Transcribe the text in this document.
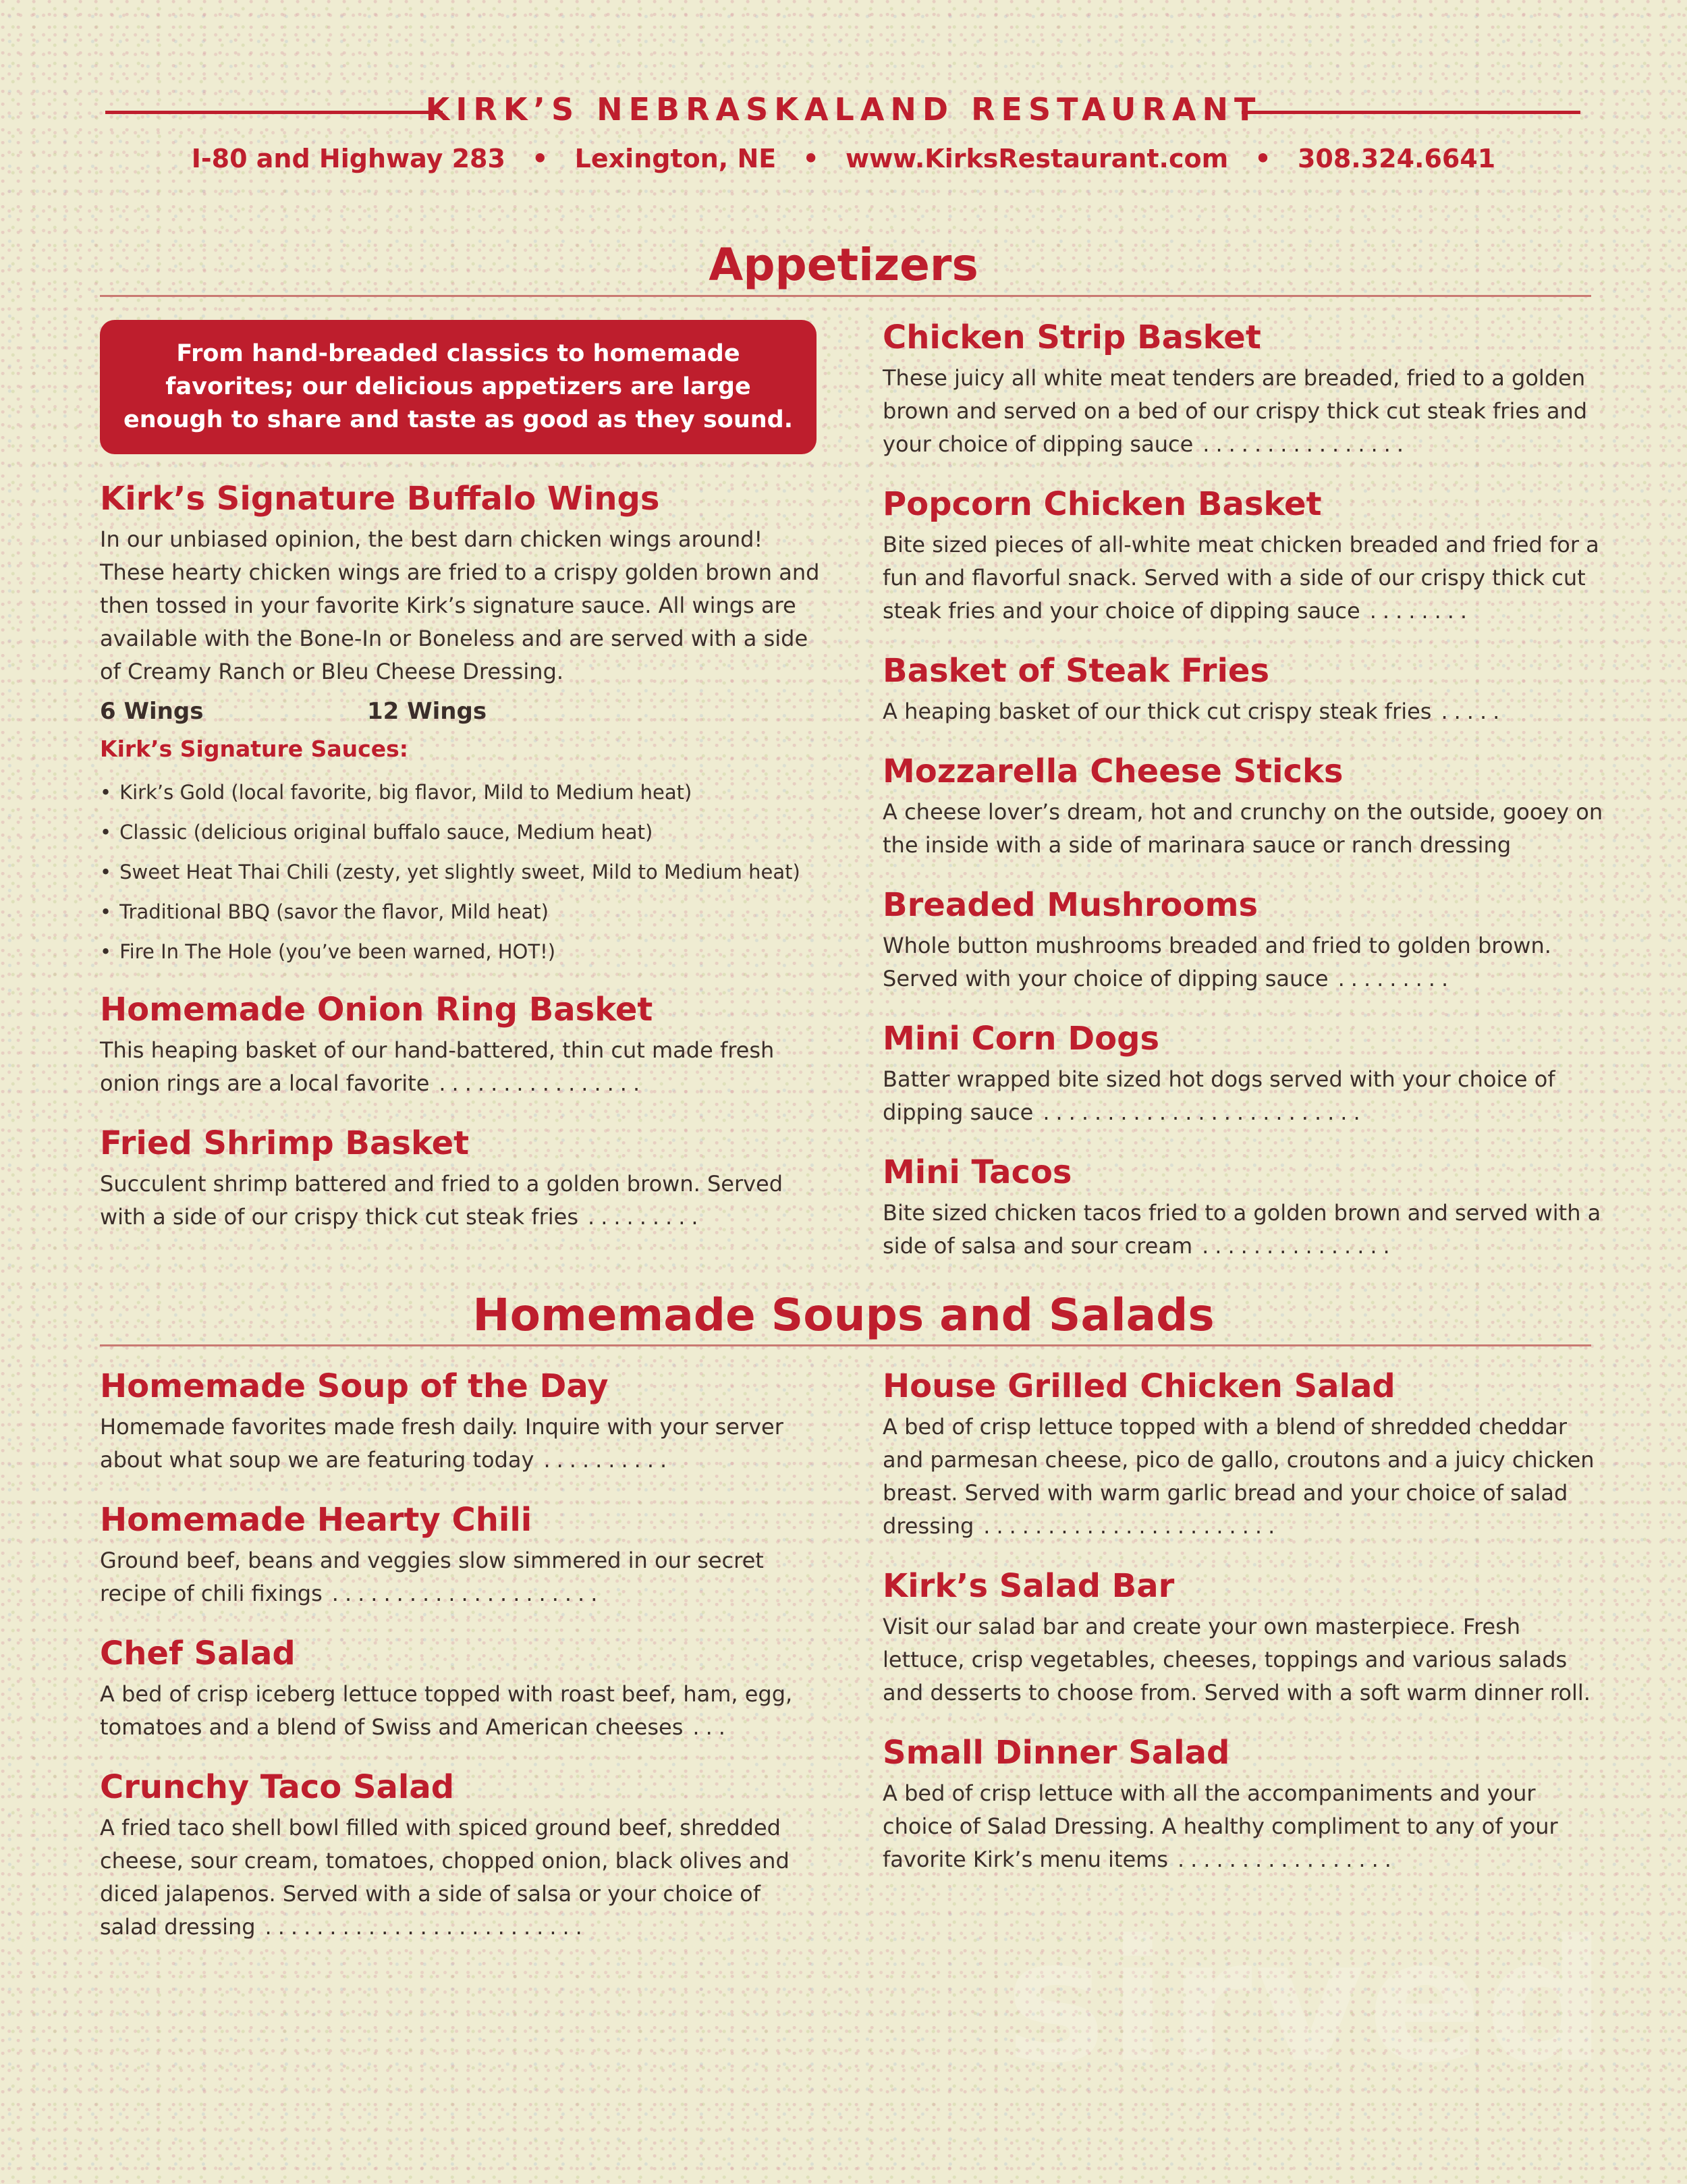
KIRK’S NEBRASKALAND RESTAURANT
I-80 and Highway 283 • Lexington, NE • www.KirksRestaurant.com • 308.324.6641
Appetizers
From hand-breaded classics to homemade favorites; our delicious appetizers are large enough to share and taste as good as they sound.
Kirk’s Signature Buffalo Wings

In our unbiased opinion, the best darn chicken wings around! These hearty chicken wings are fried to a crispy golden brown and then tossed in your favorite Kirk’s signature sauce. All wings are available with the Bone-In or Boneless and are served with a side of Creamy Ranch or Bleu Cheese Dressing.

6 Wings	12 Wings
Kirk’s Signature Sauces:
• Kirk’s Gold (local favorite, big flavor, Mild to Medium heat)
• Classic (delicious original buffalo sauce, Medium heat)
• Sweet Heat Thai Chili (zesty, yet slightly sweet, Mild to Medium heat)
• Traditional BBQ (savor the flavor, Mild heat)
• Fire In The Hole (you’ve been warned, HOT!)
Homemade Onion Ring Basket

This heaping basket of our hand-battered, thin cut made fresh onion rings are a local favorite ................

Fried Shrimp Basket

Succulent shrimp battered and fried to a golden brown. Served with a side of our crispy thick cut steak fries .........

Chicken Strip Basket

These juicy all white meat tenders are breaded, fried to a golden brown and served on a bed of our crispy thick cut steak fries and your choice of dipping sauce ................

Popcorn Chicken Basket

Bite sized pieces of all-white meat chicken breaded and fried for a fun and flavorful snack. Served with a side of our crispy thick cut steak fries and your choice of dipping sauce ........

Basket of Steak Fries

A heaping basket of our thick cut crispy steak fries .....

Mozzarella Cheese Sticks

A cheese lover’s dream, hot and crunchy on the outside, gooey on the inside with a side of marinara sauce or ranch dressing

Breaded Mushrooms

Whole button mushrooms breaded and fried to golden brown. Served with your choice of dipping sauce .........

Mini Corn Dogs

Batter wrapped bite sized hot dogs served with your choice of dipping sauce .........................

Mini Tacos

Bite sized chicken tacos fried to a golden brown and served with a side of salsa and sour cream ...............

Homemade Soups and Salads
Homemade Soup of the Day

Homemade favorites made fresh daily. Inquire with your server about what soup we are featuring today ..........

Homemade Hearty Chili

Ground beef, beans and veggies slow simmered in our secret recipe of chili fixings .....................

Chef Salad

A bed of crisp iceberg lettuce topped with roast beef, ham, egg, tomatoes and a blend of Swiss and American cheeses ...

Crunchy Taco Salad

A fried taco shell bowl filled with spiced ground beef, shredded cheese, sour cream, tomatoes, chopped onion, black olives and diced jalapenos. Served with a side of salsa or your choice of salad dressing .........................

House Grilled Chicken Salad

A bed of crisp lettuce topped with a blend of shredded cheddar and parmesan cheese, pico de gallo, croutons and a juicy chicken breast. Served with warm garlic bread and your choice of salad dressing .......................

Kirk’s Salad Bar

Visit our salad bar and create your own masterpiece. Fresh lettuce, crisp vegetables, cheeses, toppings and various salads and desserts to choose from. Served with a soft warm dinner roll.

Small Dinner Salad

A bed of crisp lettuce with all the accompaniments and your choice of Salad Dressing. A healthy compliment to any of your favorite Kirk’s menu items .................

sirved
